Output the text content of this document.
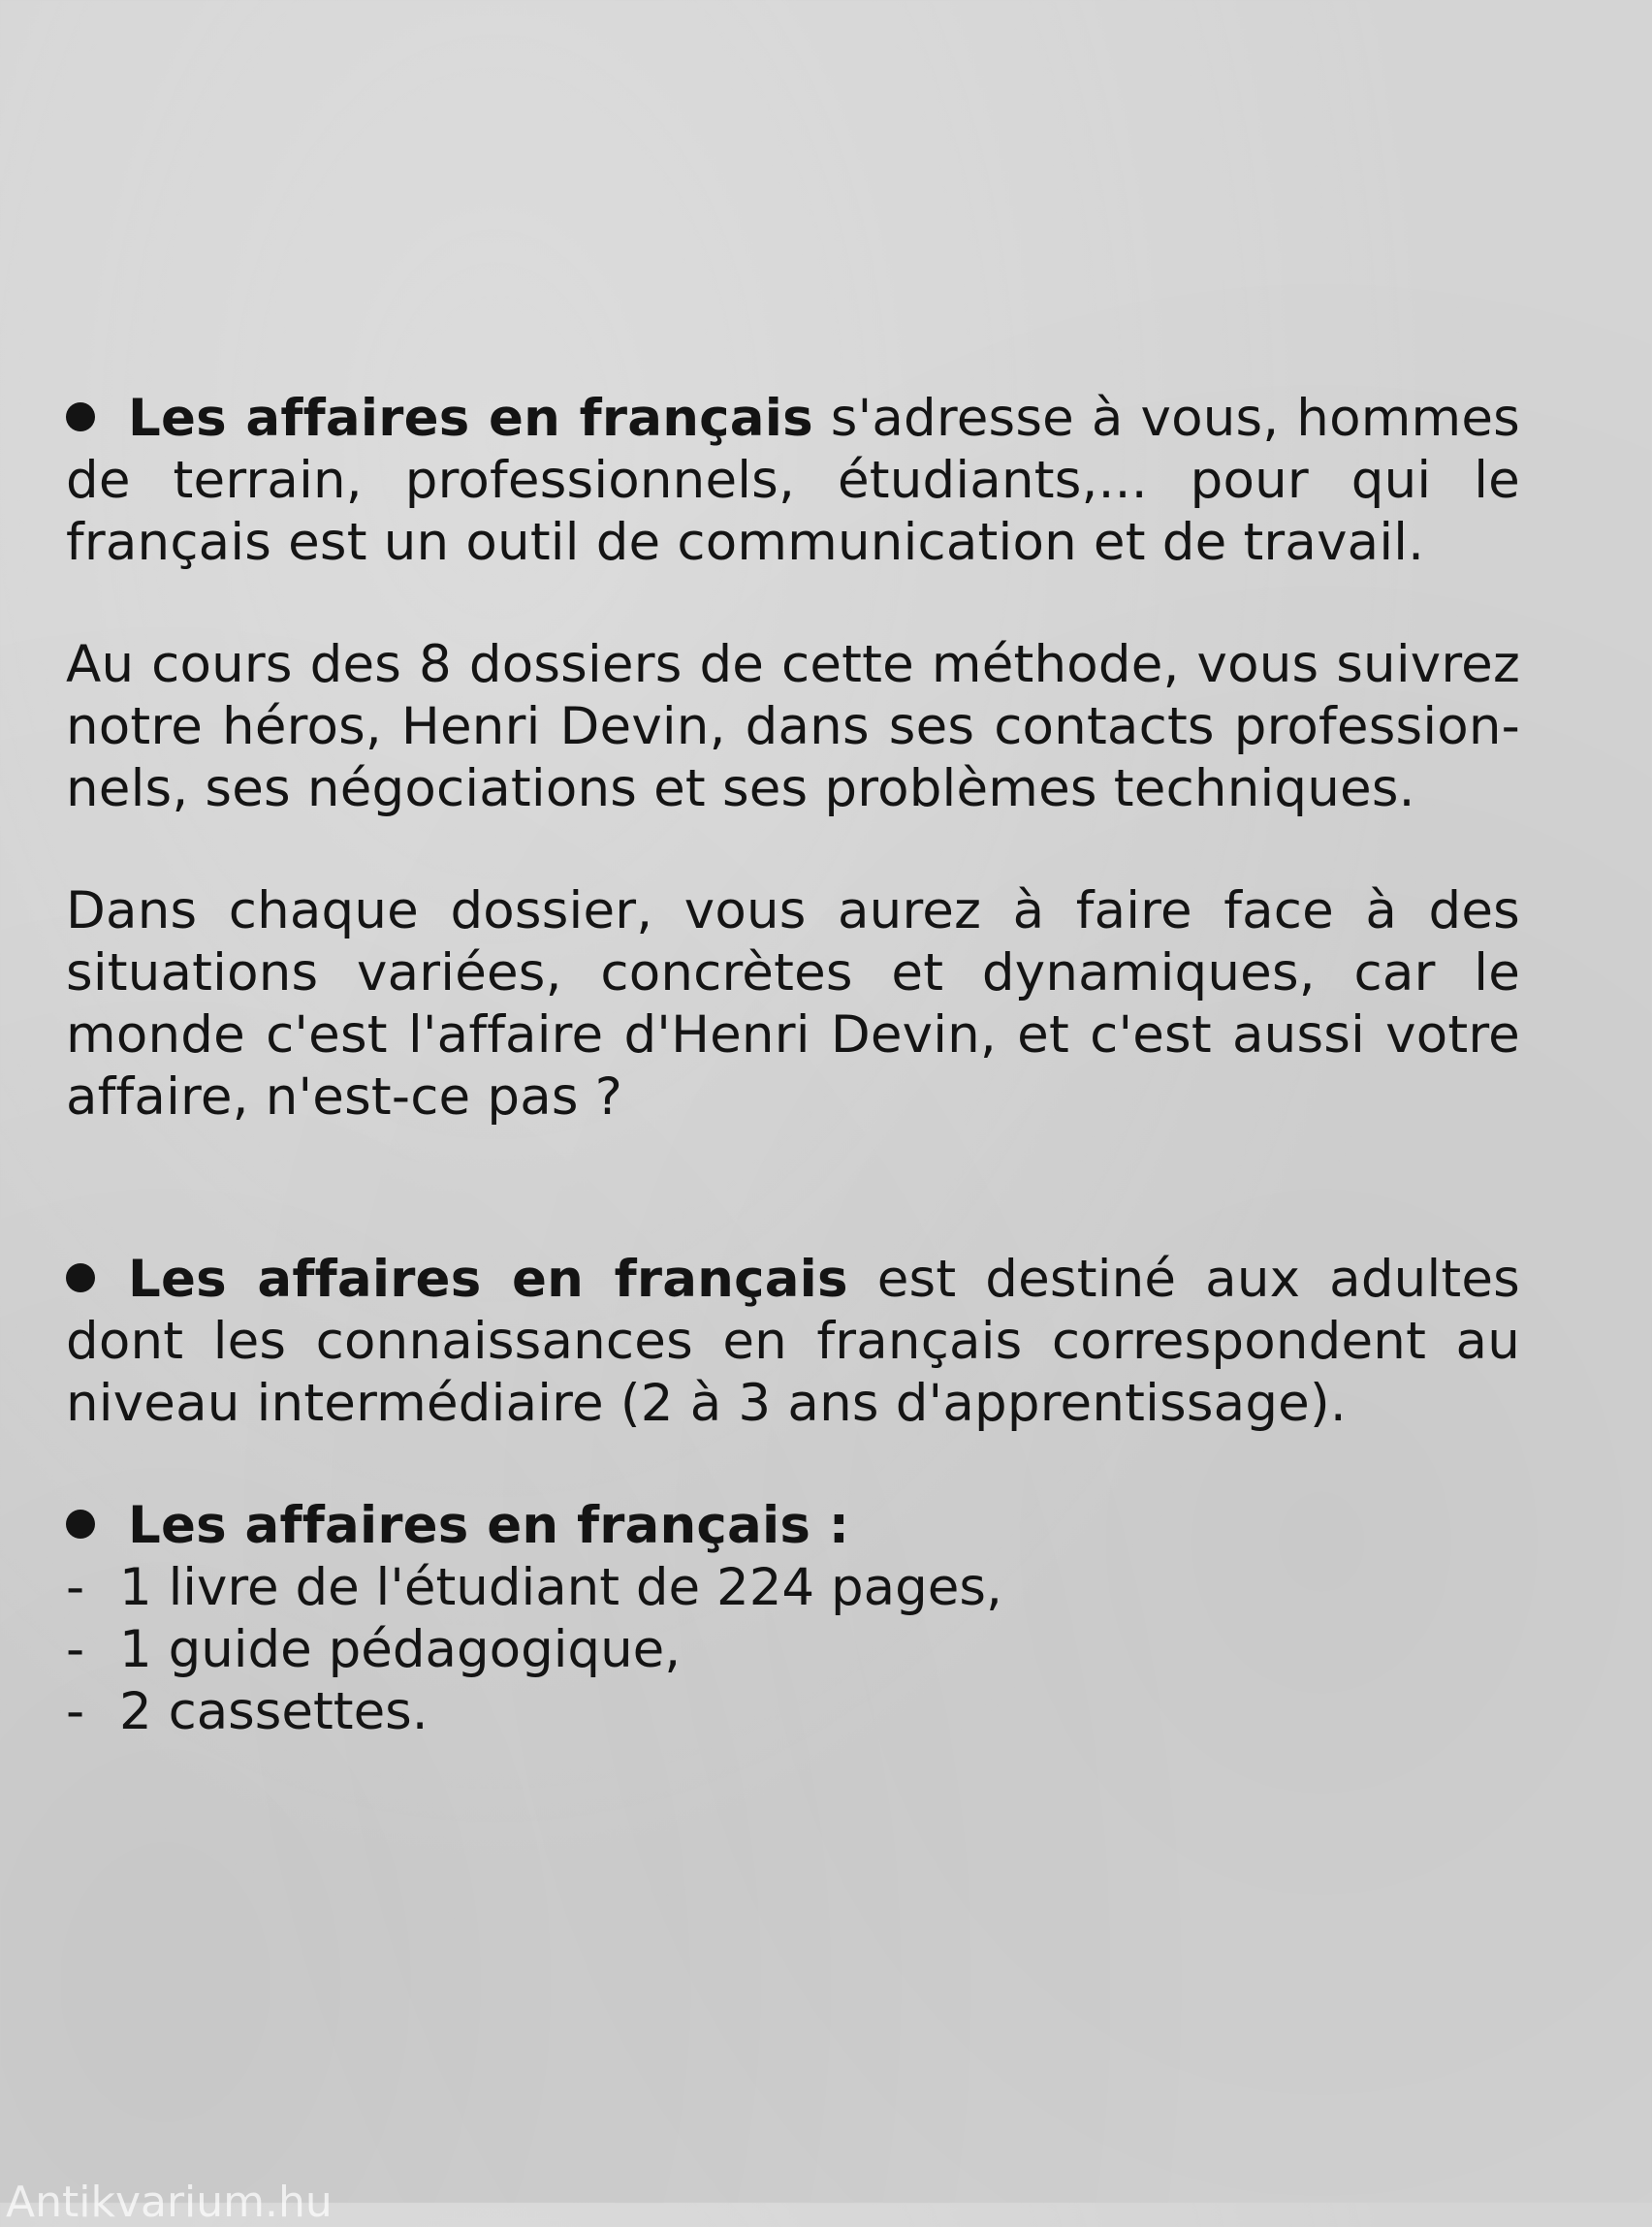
Les affaires en français s'adresse à vous, hommes de terrain, professionnels, étudiants,... pour qui le français est un outil de communication et de travail.

Au cours des 8 dossiers de cette méthode, vous suivrez notre héros, Henri Devin, dans ses contacts profession- nels, ses négociations et ses problèmes techniques.

Dans chaque dossier, vous aurez à faire face à des situations variées, concrètes et dynamiques, car le monde c'est l'affaire d'Henri Devin, et c'est aussi votre affaire, n'est-ce pas ?

Les affaires en français est destiné aux adultes dont les connaissances en français correspondent au niveau intermédiaire (2 à 3 ans d'apprentissage).

Les affaires en français :

- 1 livre de l'étudiant de 224 pages,
- 1 guide pédagogique,
- 2 cassettes.
Antikvarium.hu
